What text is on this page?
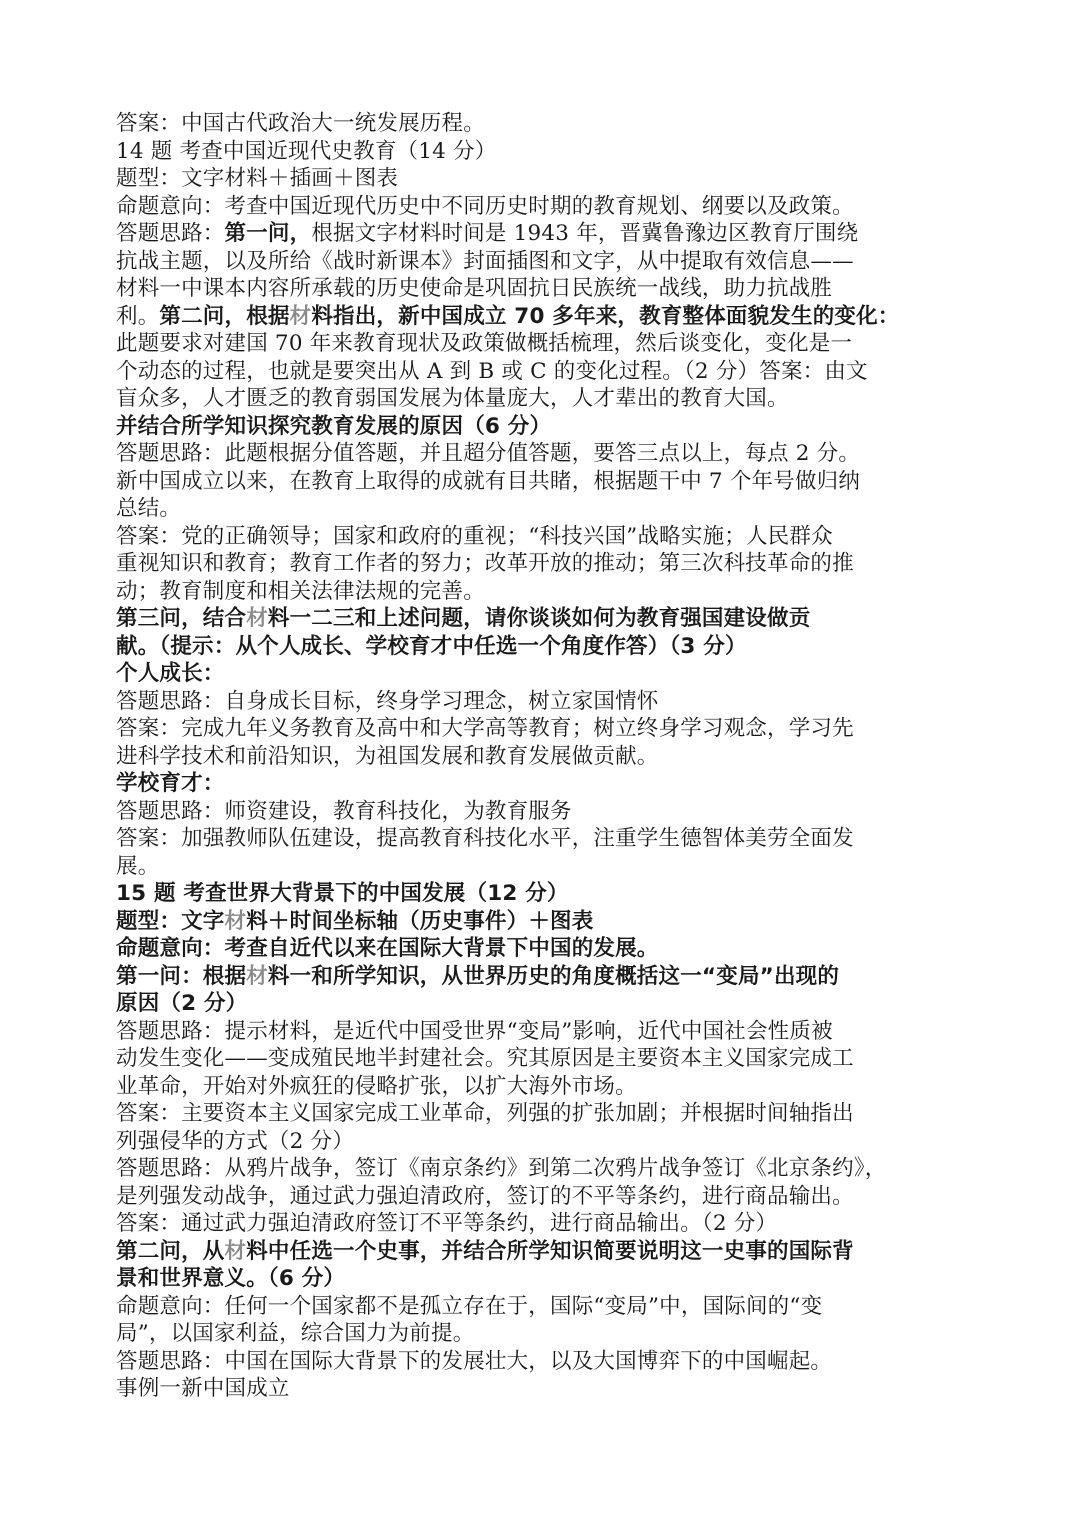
答案：中国古代政治大一统发展历程。
14 题 考查中国近现代史教育（14 分）
题型：文字材料＋插画＋图表
命题意向：考查中国近现代历史中不同历史时期的教育规划、纲要以及政策。
答题思路：第一问，根据文字材料时间是 1943 年，晋冀鲁豫边区教育厅围绕
抗战主题，以及所给《战时新课本》封面插图和文字，从中提取有效信息——
材料一中课本内容所承载的历史使命是巩固抗日民族统一战线，助力抗战胜
利。第二问，根据材料指出，新中国成立 70 多年来，教育整体面貌发生的变化：
此题要求对建国 70 年来教育现状及政策做概括梳理，然后谈变化，变化是一
个动态的过程，也就是要突出从 A 到 B 或 C 的变化过程。（2 分）答案：由文
盲众多，人才匮乏的教育弱国发展为体量庞大，人才辈出的教育大国。
并结合所学知识探究教育发展的原因（6 分）
答题思路：此题根据分值答题，并且超分值答题，要答三点以上，每点 2 分。
新中国成立以来，在教育上取得的成就有目共睹，根据题干中 7 个年号做归纳
总结。
答案：党的正确领导；国家和政府的重视；“科技兴国”战略实施；人民群众
重视知识和教育；教育工作者的努力；改革开放的推动；第三次科技革命的推
动；教育制度和相关法律法规的完善。
第三问，结合材料一二三和上述问题，请你谈谈如何为教育强国建设做贡
献。（提示：从个人成长、学校育才中任选一个角度作答）（3 分）
个人成长：
答题思路：自身成长目标，终身学习理念，树立家国情怀
答案：完成九年义务教育及高中和大学高等教育；树立终身学习观念，学习先
进科学技术和前沿知识，为祖国发展和教育发展做贡献。
学校育才：
答题思路：师资建设，教育科技化，为教育服务
答案：加强教师队伍建设，提高教育科技化水平，注重学生德智体美劳全面发
展。
15 题 考查世界大背景下的中国发展（12 分）
题型：文字材料＋时间坐标轴（历史事件）＋图表
命题意向：考查自近代以来在国际大背景下中国的发展。
第一问：根据材料一和所学知识，从世界历史的角度概括这一“变局”出现的
原因（2 分）
答题思路：提示材料，是近代中国受世界“变局”影响，近代中国社会性质被
动发生变化——变成殖民地半封建社会。究其原因是主要资本主义国家完成工
业革命，开始对外疯狂的侵略扩张，以扩大海外市场。
答案：主要资本主义国家完成工业革命，列强的扩张加剧；并根据时间轴指出
列强侵华的方式（2 分）
答题思路：从鸦片战争，签订《南京条约》到第二次鸦片战争签订《北京条约》，
是列强发动战争，通过武力强迫清政府，签订的不平等条约，进行商品输出。
答案：通过武力强迫清政府签订不平等条约，进行商品输出。（2 分）
第二问，从材料中任选一个史事，并结合所学知识简要说明这一史事的国际背
景和世界意义。（6 分）
命题意向：任何一个国家都不是孤立存在于，国际“变局”中，国际间的“变
局”，以国家利益，综合国力为前提。
答题思路：中国在国际大背景下的发展壮大，以及大国博弈下的中国崛起。
事例一新中国成立
